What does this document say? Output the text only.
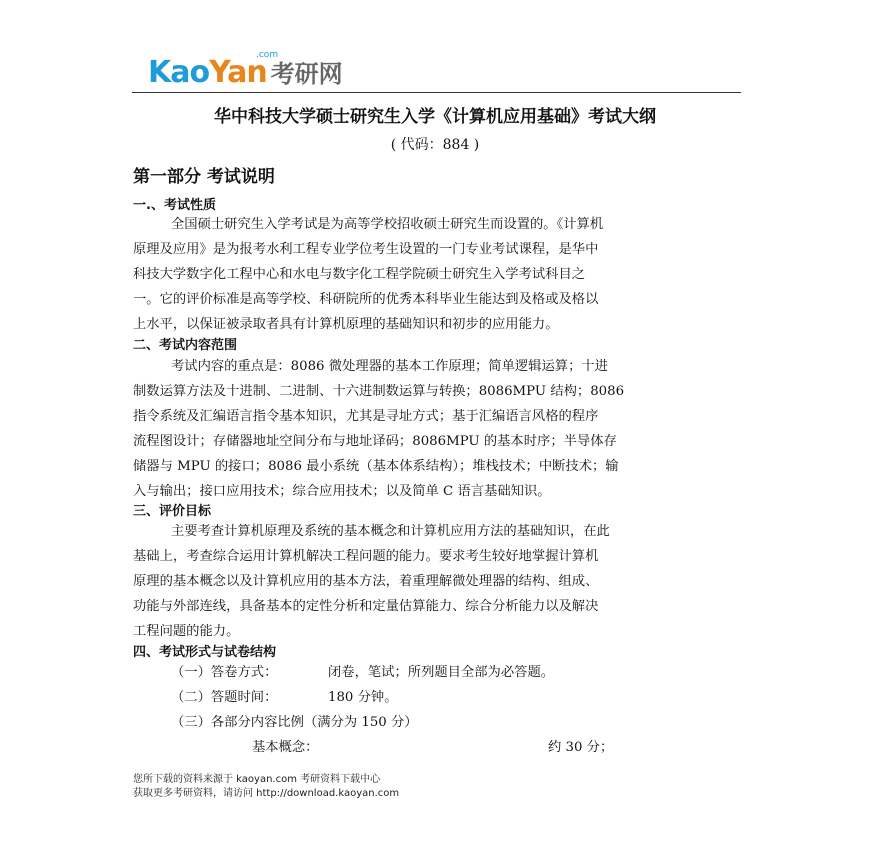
KaoYan
.com
考研网
华中科技大学硕士研究生入学《计算机应用基础》考试大纲
( 代码：884 )
第一部分 考试说明
一.、考试性质
全国硕士研究生入学考试是为高等学校招收硕士研究生而设置的。《计算机
原理及应用》是为报考水利工程专业学位考生设置的一门专业考试课程，是华中
科技大学数字化工程中心和水电与数字化工程学院硕士研究生入学考试科目之
一。它的评价标准是高等学校、科研院所的优秀本科毕业生能达到及格或及格以
上水平，以保证被录取者具有计算机原理的基础知识和初步的应用能力。
二、考试内容范围
考试内容的重点是：8086 微处理器的基本工作原理；简单逻辑运算；十进
制数运算方法及十进制、二进制、十六进制数运算与转换；8086MPU 结构；8086
指令系统及汇编语言指令基本知识，尤其是寻址方式；基于汇编语言风格的程序
流程图设计；存储器地址空间分布与地址译码；8086MPU 的基本时序；半导体存
储器与 MPU 的接口；8086 最小系统（基本体系结构）；堆栈技术；中断技术；输
入与输出；接口应用技术；综合应用技术；以及简单 C 语言基础知识。
三、评价目标
主要考查计算机原理及系统的基本概念和计算机应用方法的基础知识，在此
基础上，考查综合运用计算机解决工程问题的能力。要求考生较好地掌握计算机
原理的基本概念以及计算机应用的基本方法，着重理解微处理器的结构、组成、
功能与外部连线，具备基本的定性分析和定量估算能力、综合分析能力以及解决
工程问题的能力。
四、考试形式与试卷结构
（一）答卷方式：	闭卷，笔试；所列题目全部为必答题。
（二）答题时间：	180 分钟。
（三）各部分内容比例（满分为 150 分）
基本概念：	约 30 分；
您所下载的资料来源于 kaoyan.com 考研资料下载中心
获取更多考研资料，请访问 http://download.kaoyan.com
